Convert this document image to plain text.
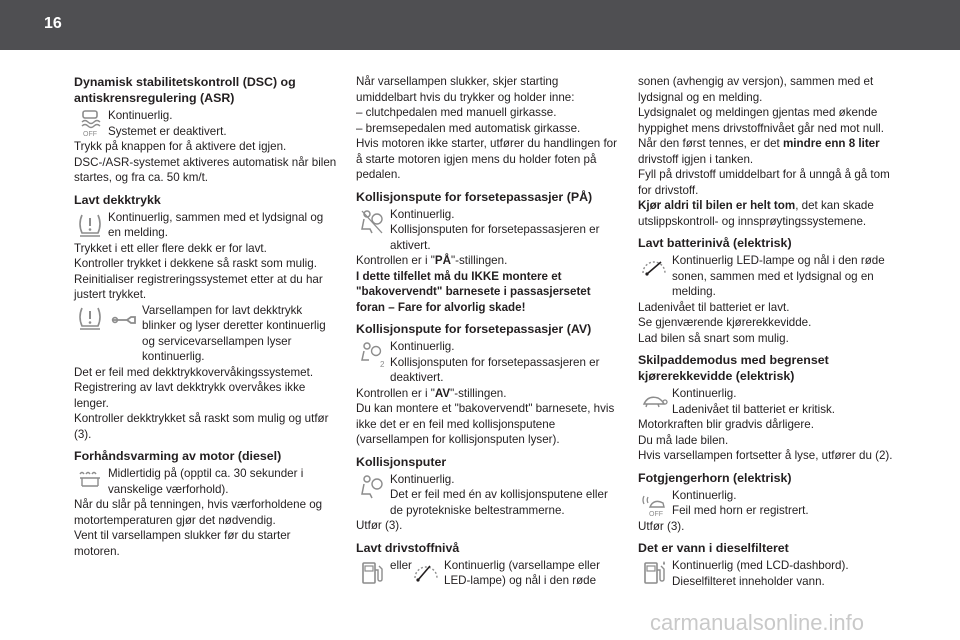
16
Dynamisk stabilitetskontroll (DSC) og antiskrensregulering (ASR)
OFF
Kontinuerlig.
Systemet er deaktivert.
Trykk på knappen for å aktivere det igjen.
DSC-/ASR-systemet aktiveres automatisk når bilen startes, og fra ca. 50 km/t.
Lavt dekktrykk
Kontinuerlig, sammen med et lydsignal og en melding.
Trykket i ett eller flere dekk er for lavt.
Kontroller trykket i dekkene så raskt som mulig.
Reinitialiser registreringssystemet etter at du har justert trykket.
Varsellampen for lavt dekktrykk blinker og lyser deretter kontinuerlig og servicevarsellampen lyser kontinuerlig.
Det er feil med dekktrykkovervåkingssystemet.
Registrering av lavt dekktrykk overvåkes ikke lenger.
Kontroller dekktrykket så raskt som mulig og utfør (3).
Forhåndsvarming av motor (diesel)
Midlertidig på (opptil ca. 30 sekunder i vanskelige værforhold).
Når du slår på tenningen, hvis værforholdene og motortemperaturen gjør det nødvendig.
Vent til varsellampen slukker før du starter motoren.
Når varsellampen slukker, skjer starting umiddelbart hvis du trykker og holder inne:
– clutchpedalen med manuell girkasse.
– bremsepedalen med automatisk girkasse.
Hvis motoren ikke starter, utfører du handlingen for å starte motoren igjen mens du holder foten på pedalen.
Kollisjonspute for forsetepassasjer (PÅ)
Kontinuerlig.
Kollisjonsputen for forsetepassasjeren er aktivert.
Kontrollen er i "PÅ"-stillingen.
I dette tilfellet må du IKKE montere et "bakovervendt" barnesete i passasjersetet foran – Fare for alvorlig skade!
Kollisjonspute for forsetepassasjer (AV)
2
Kontinuerlig.
Kollisjonsputen for forsetepassasjeren er deaktivert.
Kontrollen er i "AV"-stillingen.
Du kan montere et "bakovervendt" barnesete, hvis ikke det er en feil med kollisjonsputene (varsellampen for kollisjonsputen lyser).
Kollisjonsputer
Kontinuerlig.
Det er feil med én av kollisjonsputene eller de pyrotekniske beltestrammerne.
Utfør (3).
Lavt drivstoffnivå
eller	Kontinuerlig (varsellampe eller LED-lampe) og nål i den røde
sonen (avhengig av versjon), sammen med et lydsignal og en melding.
Lydsignalet og meldingen gjentas med økende hyppighet mens drivstoffnivået går ned mot null.
Når den først tennes, er det mindre enn 8 liter drivstoff igjen i tanken.
Fyll på drivstoff umiddelbart for å unngå å gå tom for drivstoff.
Kjør aldri til bilen er helt tom, det kan skade utslippskontroll- og innsprøytingssystemene.
Lavt batterinivå (elektrisk)
Kontinuerlig LED-lampe og nål i den røde sonen, sammen med et lydsignal og en melding.
Ladenivået til batteriet er lavt.
Se gjenværende kjørerekkevidde.
Lad bilen så snart som mulig.
Skilpaddemodus med begrenset kjørerekkevidde (elektrisk)
Kontinuerlig.
Ladenivået til batteriet er kritisk.
Motorkraften blir gradvis dårligere.
Du må lade bilen.
Hvis varsellampen fortsetter å lyse, utfører du (2).
Fotgjengerhorn (elektrisk)
OFF
Kontinuerlig.
Feil med horn er registrert.
Utfør (3).
Det er vann i dieselfilteret
Kontinuerlig (med LCD-dashbord).
Dieselfilteret inneholder vann.
carmanualsonline.info
